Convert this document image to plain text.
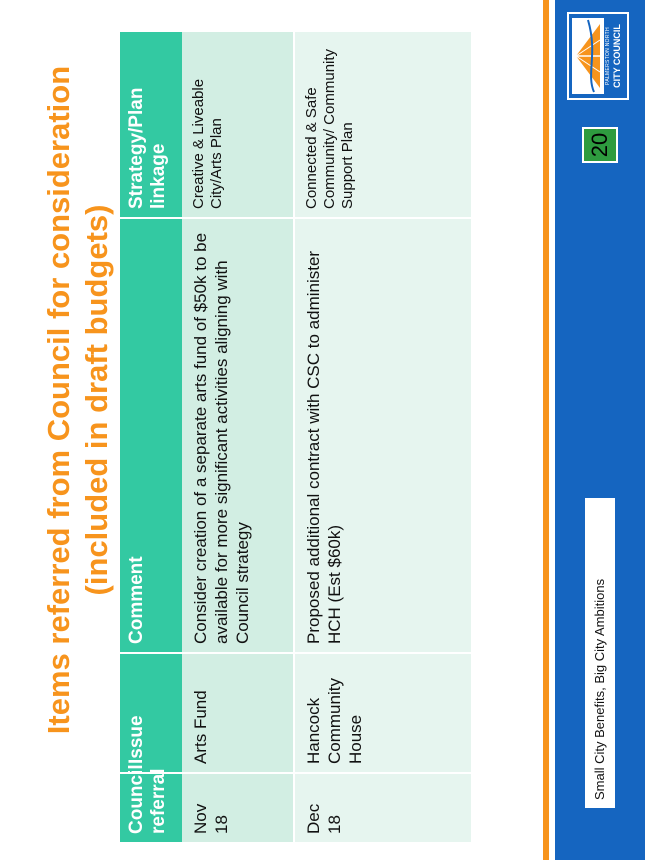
Items referred from Council for consideration (included in draft budgets)
Council referral	Issue	Comment	Strategy/Plan linkage
Nov 18	Arts Fund	Consider creation of a separate arts fund of $50k to be available for more significant activities aligning with Council strategy	Creative & Liveable City/Arts Plan
Dec 18	Hancock Community House	Proposed additional contract with CSC to administer HCH (Est $60k)	Connected & Safe Community/ Community Support Plan
Small City Benefits, Big City Ambitions
20
PALMERSTON NORTH CITY COUNCIL
